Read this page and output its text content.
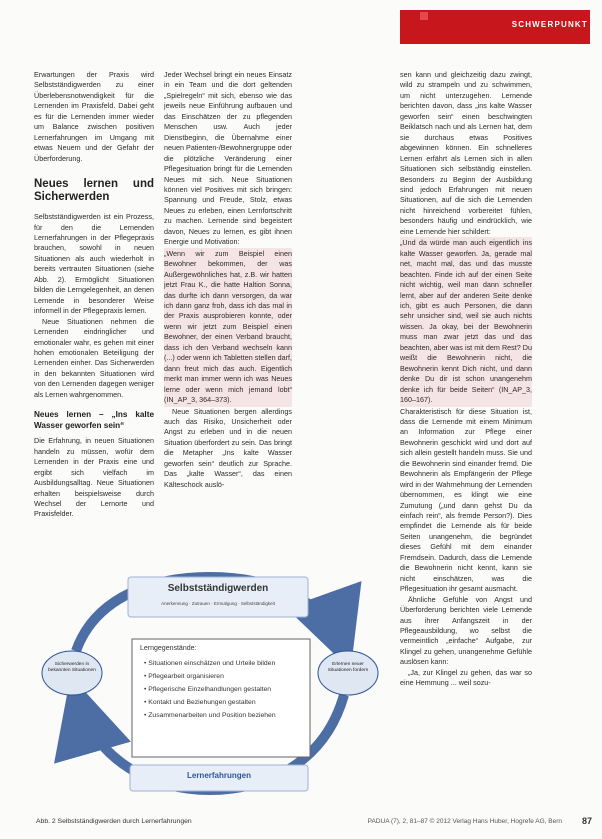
SCHWERPUNKT

Erwartungen der Praxis wird Selbstständigwerden zu einer Überlebensnotwendigkeit für die Lernenden im Praxisfeld. Dabei geht es für die Lernenden immer wieder um Balance zwischen positiven Lernerfahrungen im Umgang mit etwas Neuem und der Gefahr der Überforderung.

Neues lernen und Sicherwerden

Selbstständigwerden ist ein Prozess, für den die Lernenden Lernerfahrungen in der Pflegepraxis brauchen, sowohl in neuen Situationen als auch wiederholt in bereits vertrauten Situationen (siehe Abb. 2). Ermöglicht Situationen bilden die Lerngelegenheit, an denen Lernende in besonderer Weise informell in der Pflegepraxis lernen.

Neue Situationen nehmen die Lernenden eindringlicher und emotionaler wahr, es gehen mit einer hohen emotionalen Beteiligung der Lernenden einher. Das Sicherwerden in den bekannten Situationen wird von den Lernenden dagegen weniger als Lernen wahrgenommen.

Neues lernen – „Ins kalte Wasser geworfen sein“

Die Erfahrung, in neuen Situationen handeln zu müssen, wofür dem Lernenden in der Praxis eine und ergibt sich vielfach im Ausbildungsalltag. Neue Situationen erhalten beispielsweise durch Wechsel der Lernorte und Praxisfelder.

Jeder Wechsel bringt ein neues Einsatz in ein Team und die dort geltenden „Spielregeln“ mit sich, ebenso wie das jeweils neue Einführung aufbauen und das Einschätzen der zu pflegenden Menschen usw. Auch jeder Dienstbeginn, die Übernahme einer neuen Patienten-/Bewohnergruppe oder die plötzliche Veränderung einer Pflegesituation bringt für die Lernenden Neues mit sich. Neue Situationen können viel Positives mit sich bringen: Spannung und Freude, Stolz, etwas Neues zu erleben, einen Lernfortschritt zu machen. Lernende sind begeistert davon, Neues zu lernen, es gibt ihnen Energie und Motivation:

„Wenn wir zum Beispiel einen Bewohner bekommen, der was Außergewöhnliches hat, z.B. wir hatten jetzt Frau K., die hatte Haltion Sonna, das durfte ich dann versorgen, da war ich dann ganz froh, dass ich das mal in der Praxis ausprobieren konnte, oder wenn wir jetzt zum Beispiel einen Bewohner, der einen Verband braucht, dass ich den Verband wechseln kann (...) oder wenn ich Tabletten stellen darf, dann freut mich das auch. Eigentlich merkt man immer wenn ich was Neues lerne oder wenn mich jemand lobt“ (IN_AP_3, 364–373).

Neue Situationen bergen allerdings auch das Risiko, Unsicherheit oder Angst zu erleben und in die neuen Situation überfordert zu sein. Das bringt die Metapher „Ins kalte Wasser geworfen sein“ deutlich zur Sprache. Das „kalte Wasser“, das einen Kälteschock auslö-

sen kann und gleichzeitig dazu zwingt, wild zu strampeln und zu schwimmen, um nicht unterzugehen. Lernende berichten davon, dass „ins kalte Wasser geworfen sein“ einen beschwingten Beiklatsch nach und als Lernen hat, dem sie durchaus etwas Positives abgewinnen können. Ein schnelleres Lernen erfährt als Lernen sich in allen Situationen sich selbständig einstellen. Besonders zu Beginn der Ausbildung sind jedoch Erfahrungen mit neuen Situationen, auf die sich die Lernenden nicht hinreichend vorbereitet fühlen, besonders häufig und eindrücklich, wie eine Lernende hier schildert:

„Und da würde man auch eigentlich ins kalte Wasser geworfen. Ja, gerade mal net, macht mal, das und das musste beachten. Finde ich auf der einen Seite nicht wichtig, weil man dann schneller lernt, aber auf der anderen Seite denke ich, gibt es auch Personen, die dann sehr unsicher sind, weil sie auch nichts wissen. Ja okay, bei der Bewohnerin muss man zwar jetzt das und das beachten, aber was ist mit dem Rest? Du weißt die Bewohnerin nicht, die Bewohnerin kennt Dich nicht, und dann denke Du dir ist schon unangenehm denke ich für beide Seiten“ (IN_AP_3, 160–167).

Charakteristisch für diese Situation ist, dass die Lernende mit einem Minimum an Information zur Pflege einer Bewohnerin geschickt wird und dort auf sich allein gestellt handeln muss. Sie und die Bewohnerin sind einander fremd. Die Bewohnerin als Empfängerin der Pflege wird in der Wahrnehmung der Lernenden übernommen, es klingt wie eine Zumutung („und dann gehst Du da einfach rein“, als fremde Person?). Dies empfindet die Lernende als für beide Seiten unangenehm, die begründet dieses Gefühl mit dem einander Fremdsein. Dadurch, dass die Lernende die Bewohnerin nicht kennt, kann sie nicht einschätzen, was die Pflegesituation ihr gesamt ausmacht.

Ähnliche Gefühle von Angst und Überforderung berichten viele Lernende aus ihrer Anfangszeit in der Pflegeausbildung, wo selbst die vermeintlich „einfache“ Aufgabe, zur Klingel zu gehen, unangenehme Gefühle auslösen kann:

„Ja, zur Klingel zu gehen, das war so eine Hemmung ... weil sozu-

Selbstständigwerden
Anerkennung · Zutrauen · Ermutigung · Selbstständigkeit
Sicherwerden in bekannten Situationen
Erlernen neuer Situationen fordern
Lerngegenstände:
• Situationen einschätzen und Urteile bilden
• Pflegearbeit organisieren
• Pflegerische Einzelhandlungen gestalten
• Kontakt und Beziehungen gestalten
• Zusammenarbeiten und Position beziehen
Lernerfahrungen
Abb. 2 Selbstständigwerden durch Lernerfahrungen	PADUA (7), 2, 81–87 © 2012 Verlag Hans Huber, Hogrefe AG, Bern 87
